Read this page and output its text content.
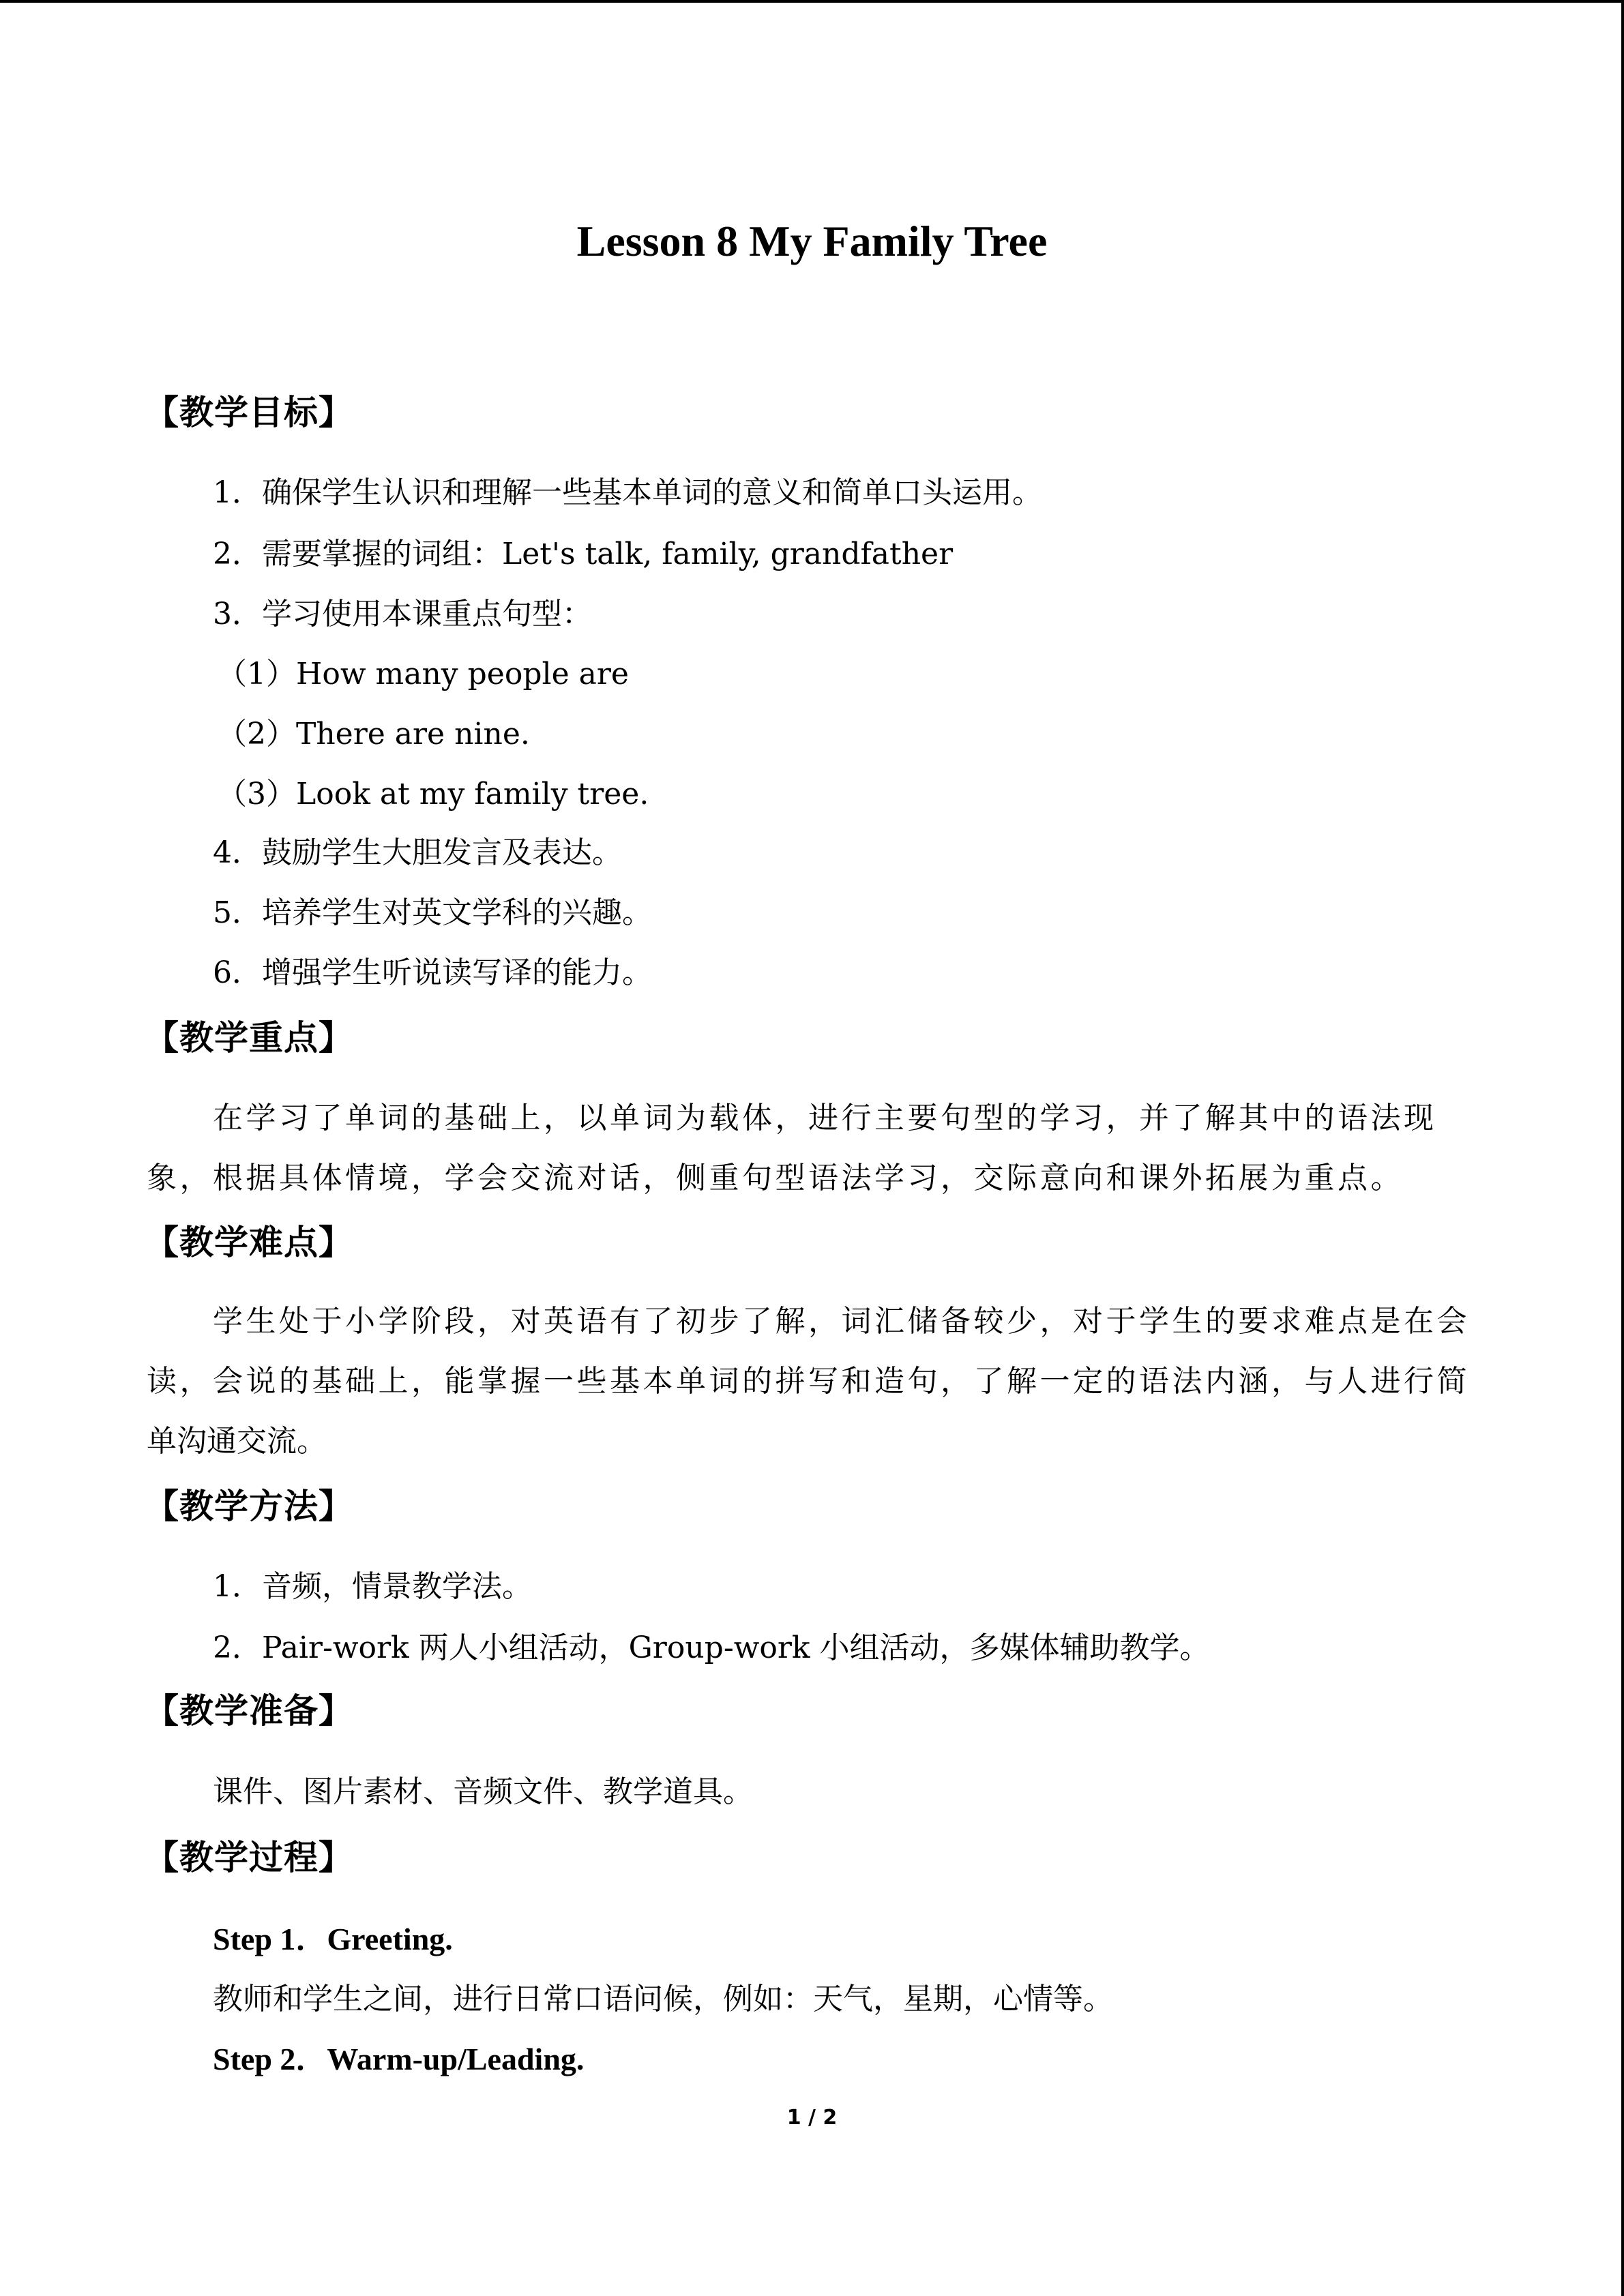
Lesson 8 My Family Tree
【教学目标】
1．确保学生认识和理解一些基本单词的意义和简单口头运用。
2．需要掌握的词组：Let's talk, family, grandfather
3．学习使用本课重点句型：
（1）How many people are
（2）There are nine.
（3）Look at my family tree.
4．鼓励学生大胆发言及表达。
5．培养学生对英文学科的兴趣。
6．增强学生听说读写译的能力。
【教学重点】
在学习了单词的基础上，以单词为载体，进行主要句型的学习，并了解其中的语法现
象，根据具体情境，学会交流对话，侧重句型语法学习，交际意向和课外拓展为重点。
【教学难点】
学生处于小学阶段，对英语有了初步了解，词汇储备较少，对于学生的要求难点是在会
读，会说的基础上，能掌握一些基本单词的拼写和造句，了解一定的语法内涵，与人进行简
单沟通交流。
【教学方法】
1．音频，情景教学法。
2．Pair-work 两人小组活动，Group-work 小组活动，多媒体辅助教学。
【教学准备】
课件、图片素材、音频文件、教学道具。
【教学过程】
Step 1．Greeting.
教师和学生之间，进行日常口语问候，例如：天气，星期，心情等。
Step 2．Warm-up/Leading.
1 / 2
